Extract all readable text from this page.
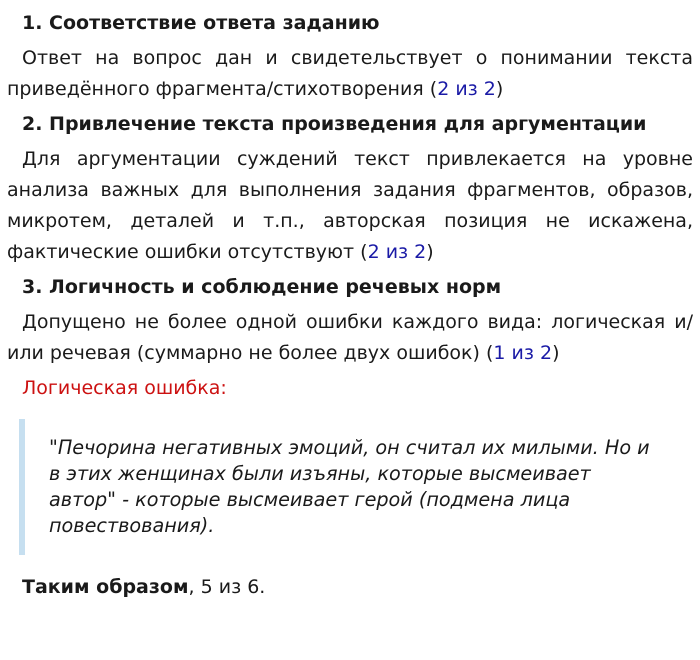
1. Соответствие ответа заданию
Ответ на вопрос дан и свидетельствует о понимании текста приведённого фрагмента/стихотворения (2 из 2)
2. Привлечение текста произведения для аргументации
Для аргументации суждений текст привлекается на уровне анализа важных для выполнения задания фрагментов, образов, микротем, деталей и т.п., авторская позиция не искажена, фактические ошибки отсутствуют (2 из 2)
3. Логичность и соблюдение речевых норм
Допущено не более одной ошибки каждого вида: логическая и/или речевая (суммарно не более двух ошибок) (1 из 2)
Логическая ошибка:
"Печорина негативных эмоций, он считал их милыми. Но и в этих женщинах были изъяны, которые высмеивает автор" - которые высмеивает герой (подмена лица повествования).
Таким образом, 5 из 6.
